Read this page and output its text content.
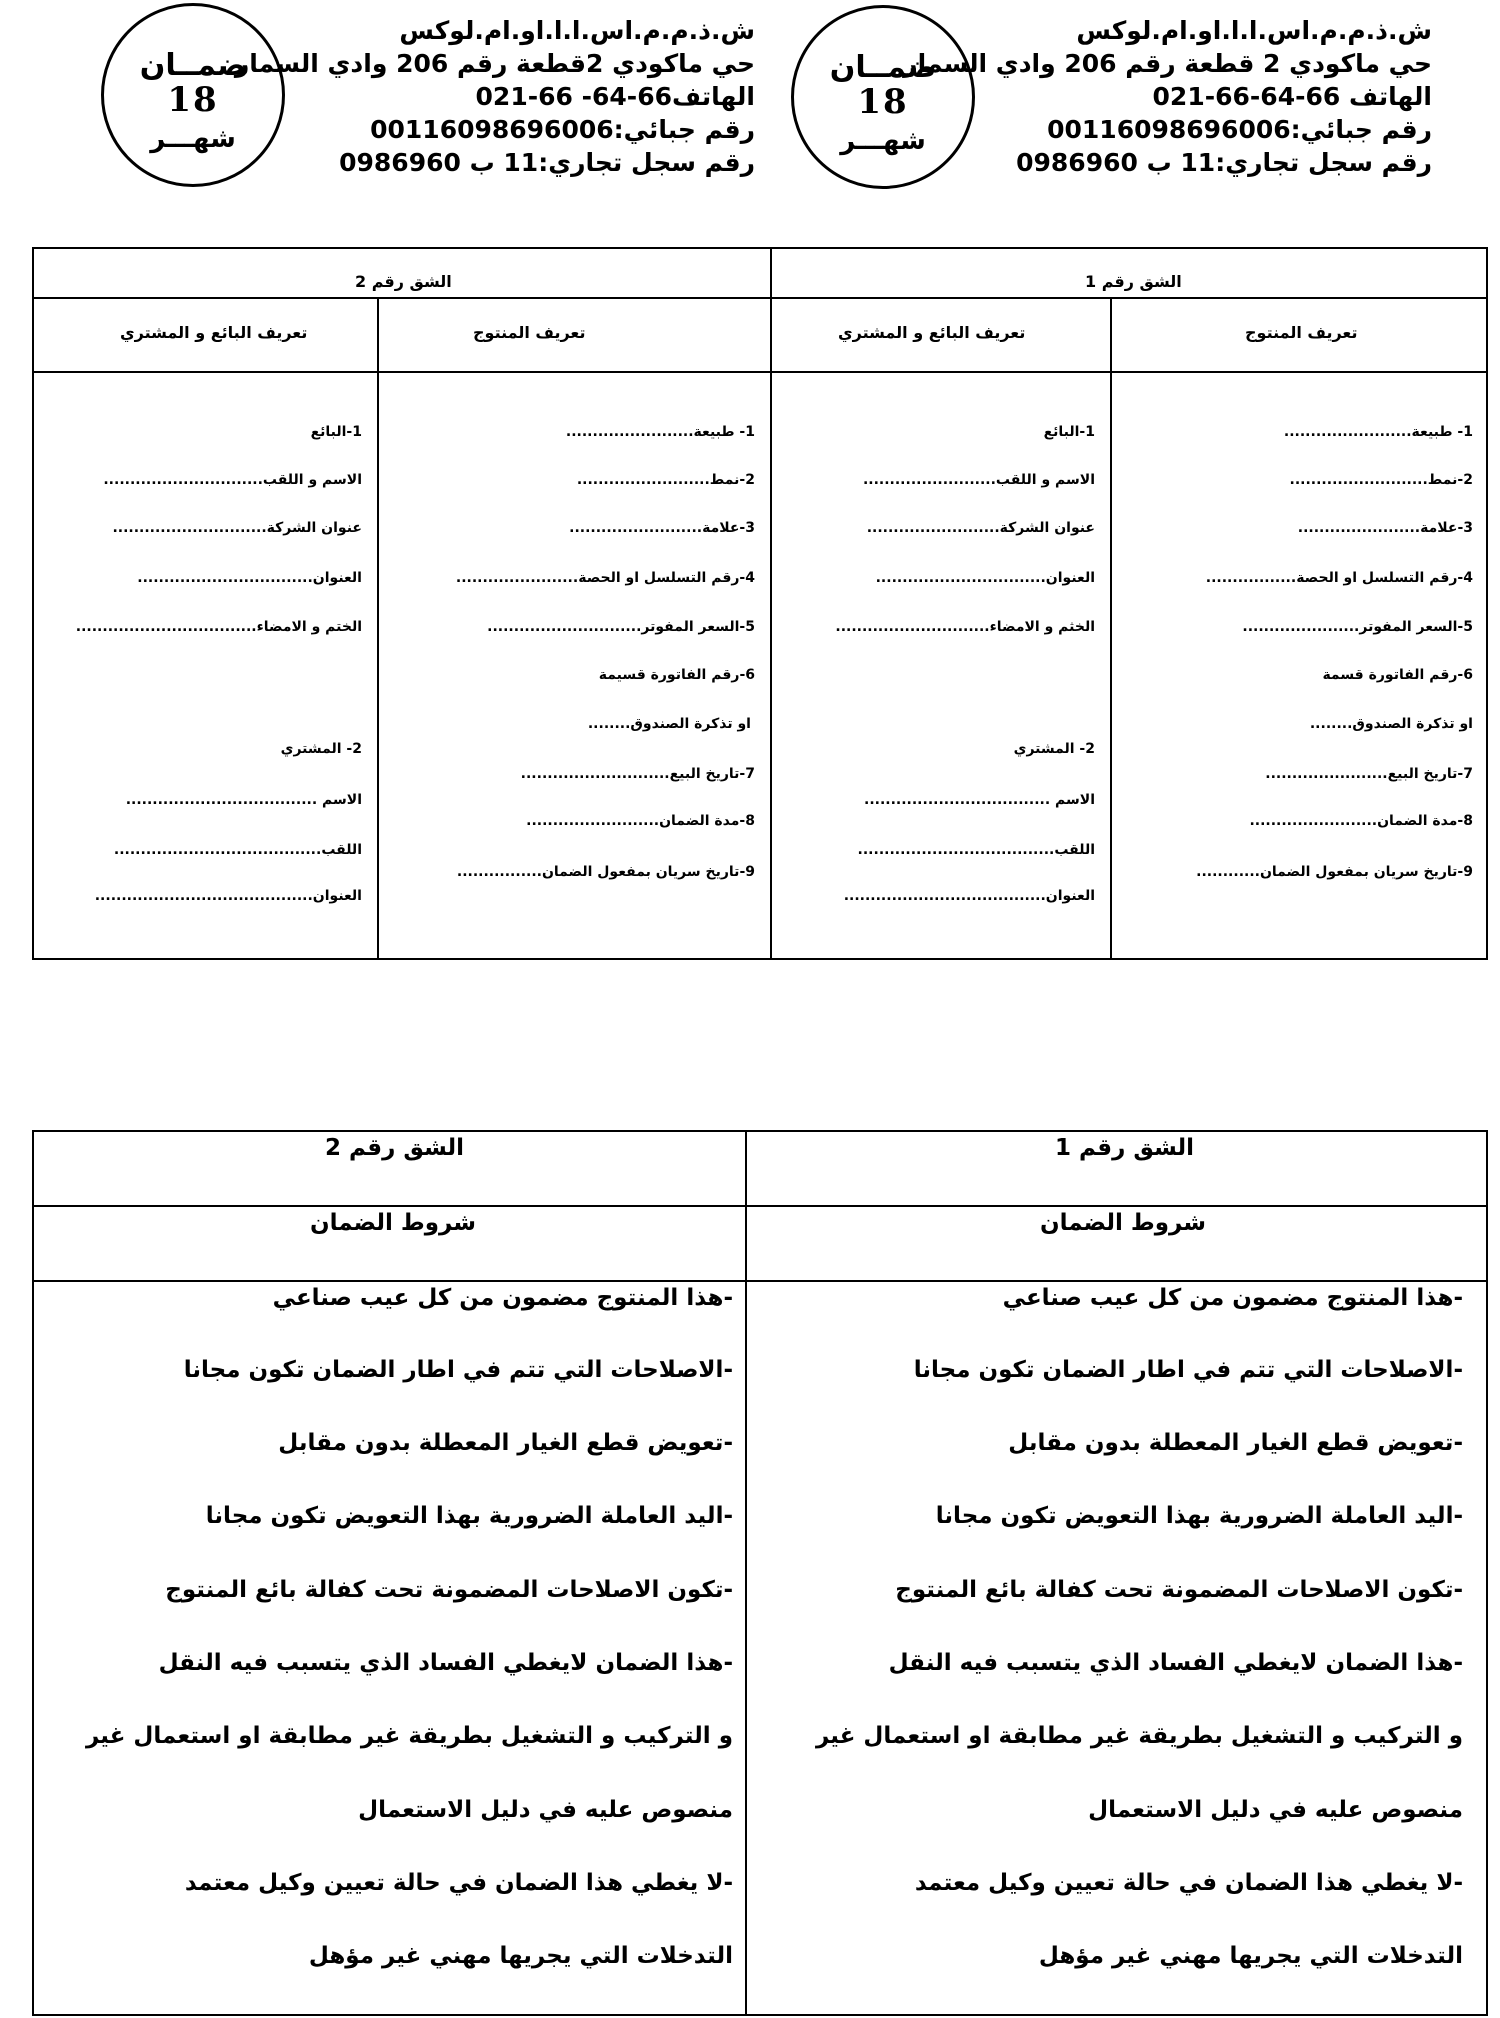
ش.ذ.م.م.اس.ا.ا.او.ام.لوكس
حي ماكودي 2 قطعة رقم 206 وادي السمار
الهاتف 66-64-66-021
رقم جبائي:00116098696006
رقم سجل تجاري:11 ب 0986960
ضمــان
18
شهـــر
ش.ذ.م.م.اس.ا.ا.او.ام.لوكس
حي ماكودي 2قطعة رقم 206 وادي السمار
الهاتف66-64- 66-021
رقم جبائي:00116098696006
رقم سجل تجاري:11 ب 0986960
ضمــان
18
شهـــر
الشق رقم 1
الشق رقم 2
تعريف المنتوج
تعريف البائع و المشتري
تعريف المنتوج
تعريف البائع و المشتري
1- طبيعة........................
2-نمط..........................
3-علامة.......................
4-رقم التسلسل او الحصة.................
5-السعر المفوتر......................
6-رقم الفاتورة قسمة
او تذكرة الصندوق........
7-تاريخ البيع.......................
8-مدة الضمان........................
9-تاريخ سريان بمفعول الضمان............
1-البائع
الاسم و اللقب.........................
عنوان الشركة.........................
العنوان................................
الخثم و الامضاء.............................
2- المشتري
الاسم ...................................
اللقب.....................................
العنوان......................................
1- طبيعة........................
2-نمط.........................
3-علامة.........................
4-رقم التسلسل او الحصة.......................
5-السعر المفوتر.............................
6-رقم الفاتورة قسيمة
او تذكرة الصندوق........
7-تاريخ البيع............................
8-مدة الضمان.........................
9-تاريخ سريان بمفعول الضمان................
1-البائع
الاسم و اللقب..............................
عنوان الشركة.............................
العنوان.................................
الختم و الامضاء..................................
2- المشتري
الاسم ....................................
اللقب.......................................
العنوان.........................................
الشق رقم 1
الشق رقم 2
شروط الضمان
شروط الضمان
-هذا المنتوج مضمون من كل عيب صناعي
-الاصلاحات التي تتم في اطار الضمان تكون مجانا
-تعويض قطع الغيار المعطلة بدون مقابل
-اليد العاملة الضرورية بهذا التعويض تكون مجانا
-تكون الاصلاحات المضمونة تحت كفالة بائع المنتوج
-هذا الضمان لايغطي الفساد الذي يتسبب فيه النقل
و التركيب و التشغيل بطريقة غير مطابقة او استعمال غير
منصوص عليه في دليل الاستعمال
-لا يغطي هذا الضمان في حالة تعيين وكيل معتمد
التدخلات التي يجريها مهني غير مؤهل
-هذا المنتوج مضمون من كل عيب صناعي
-الاصلاحات التي تتم في اطار الضمان تكون مجانا
-تعويض قطع الغيار المعطلة بدون مقابل
-اليد العاملة الضرورية بهذا التعويض تكون مجانا
-تكون الاصلاحات المضمونة تحت كفالة بائع المنتوج
-هذا الضمان لايغطي الفساد الذي يتسبب فيه النقل
و التركيب و التشغيل بطريقة غير مطابقة او استعمال غير
منصوص عليه في دليل الاستعمال
-لا يغطي هذا الضمان في حالة تعيين وكيل معتمد
التدخلات التي يجريها مهني غير مؤهل
